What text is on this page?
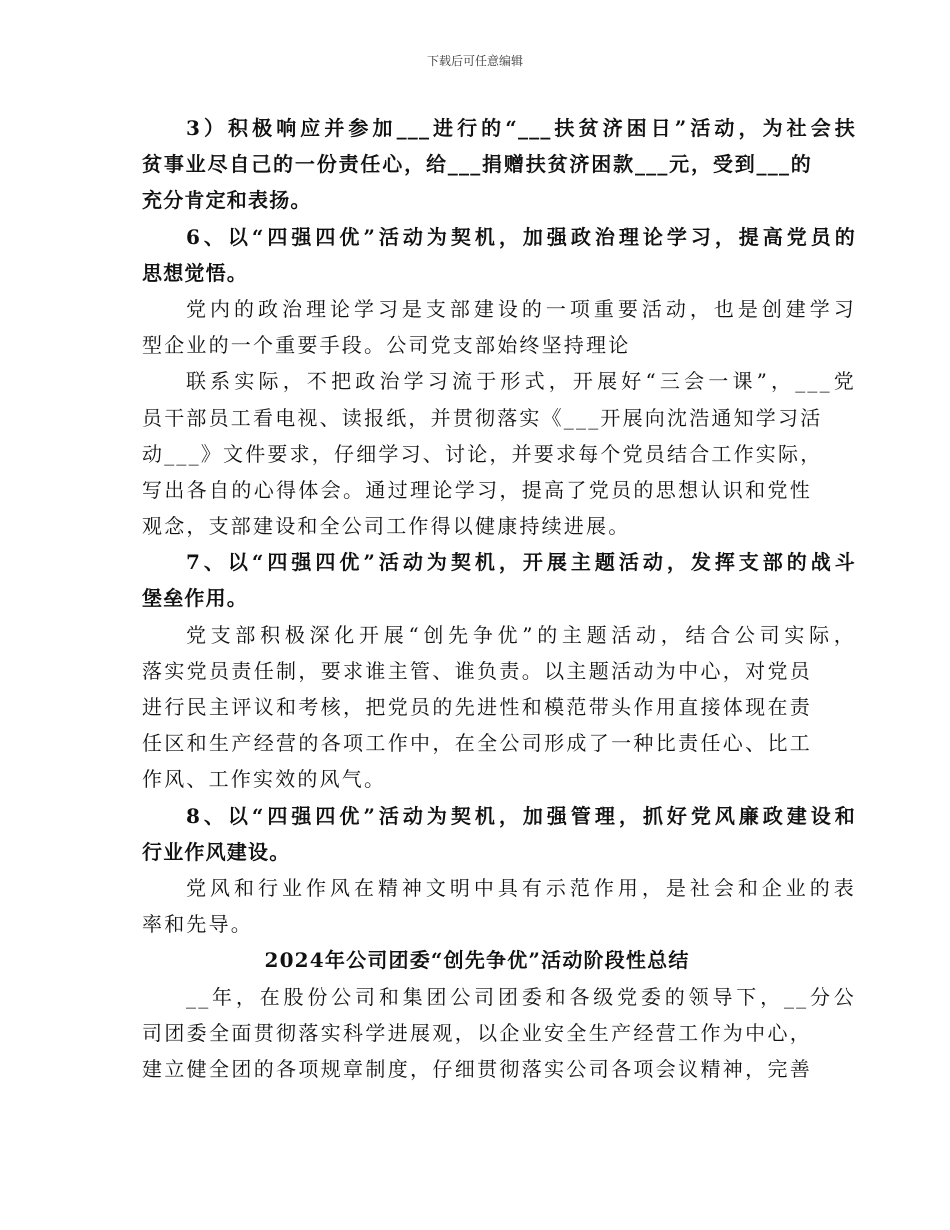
下载后可任意编辑
3）积极响应并参加___进行的“___扶贫济困日”活动，为社会扶
贫事业尽自己的一份责任心，给___捐赠扶贫济困款___元，受到___的
充分肯定和表扬。
6、以“四强四优”活动为契机，加强政治理论学习，提高党员的
思想觉悟。
党内的政治理论学习是支部建设的一项重要活动，也是创建学习
型企业的一个重要手段。公司党支部始终坚持理论
联系实际，不把政治学习流于形式，开展好“三会一课”，___党
员干部员工看电视、读报纸，并贯彻落实《___开展向沈浩通知学习活
动___》文件要求，仔细学习、讨论，并要求每个党员结合工作实际，
写出各自的心得体会。通过理论学习，提高了党员的思想认识和党性
观念，支部建设和全公司工作得以健康持续进展。
7、以“四强四优”活动为契机，开展主题活动，发挥支部的战斗
堡垒作用。
党支部积极深化开展“创先争优”的主题活动，结合公司实际，
落实党员责任制，要求谁主管、谁负责。以主题活动为中心，对党员
进行民主评议和考核，把党员的先进性和模范带头作用直接体现在责
任区和生产经营的各项工作中，在全公司形成了一种比责任心、比工
作风、工作实效的风气。
8、以“四强四优”活动为契机，加强管理，抓好党风廉政建设和
行业作风建设。
党风和行业作风在精神文明中具有示范作用，是社会和企业的表
率和先导。
2024年公司团委“创先争优”活动阶段性总结
__年，在股份公司和集团公司团委和各级党委的领导下，__分公
司团委全面贯彻落实科学进展观，以企业安全生产经营工作为中心，
建立健全团的各项规章制度，仔细贯彻落实公司各项会议精神，完善
